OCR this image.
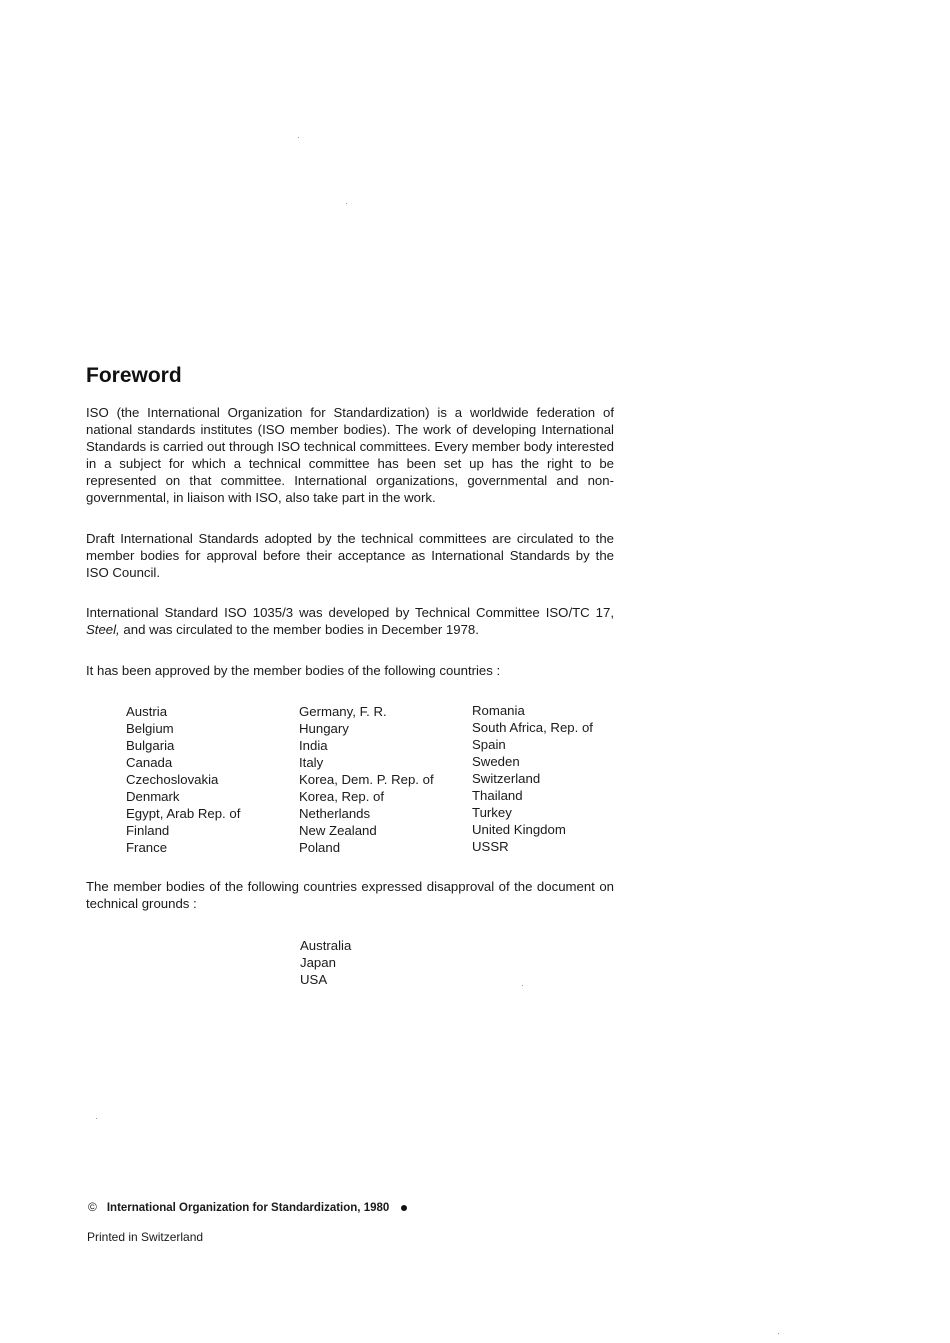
Foreword

ISO (the International Organization for Standardization) is a worldwide federation of national standards institutes (ISO member bodies). The work of developing International Standards is carried out through ISO technical committees. Every member body interested in a subject for which a technical committee has been set up has the right to be represented on that committee. International organizations, governmental and non-governmental, in liaison with ISO, also take part in the work.

Draft International Standards adopted by the technical committees are circulated to the member bodies for approval before their acceptance as International Standards by the ISO Council.

International Standard ISO 1035/3 was developed by Technical Committee ISO/TC 17, Steel, and was circulated to the member bodies in December 1978.

It has been approved by the member bodies of the following countries :

Austria
Belgium
Bulgaria
Canada
Czechoslovakia
Denmark
Egypt, Arab Rep. of
Finland
France
Germany, F. R.
Hungary
India
Italy
Korea, Dem. P. Rep. of
Korea, Rep. of
Netherlands
New Zealand
Poland
Romania
South Africa, Rep. of
Spain
Sweden
Switzerland
Thailand
Turkey
United Kingdom
USSR

The member bodies of the following countries expressed disapproval of the document on technical grounds :

Australia
Japan
USA
© International Organization for Standardization, 1980
Printed in Switzerland
